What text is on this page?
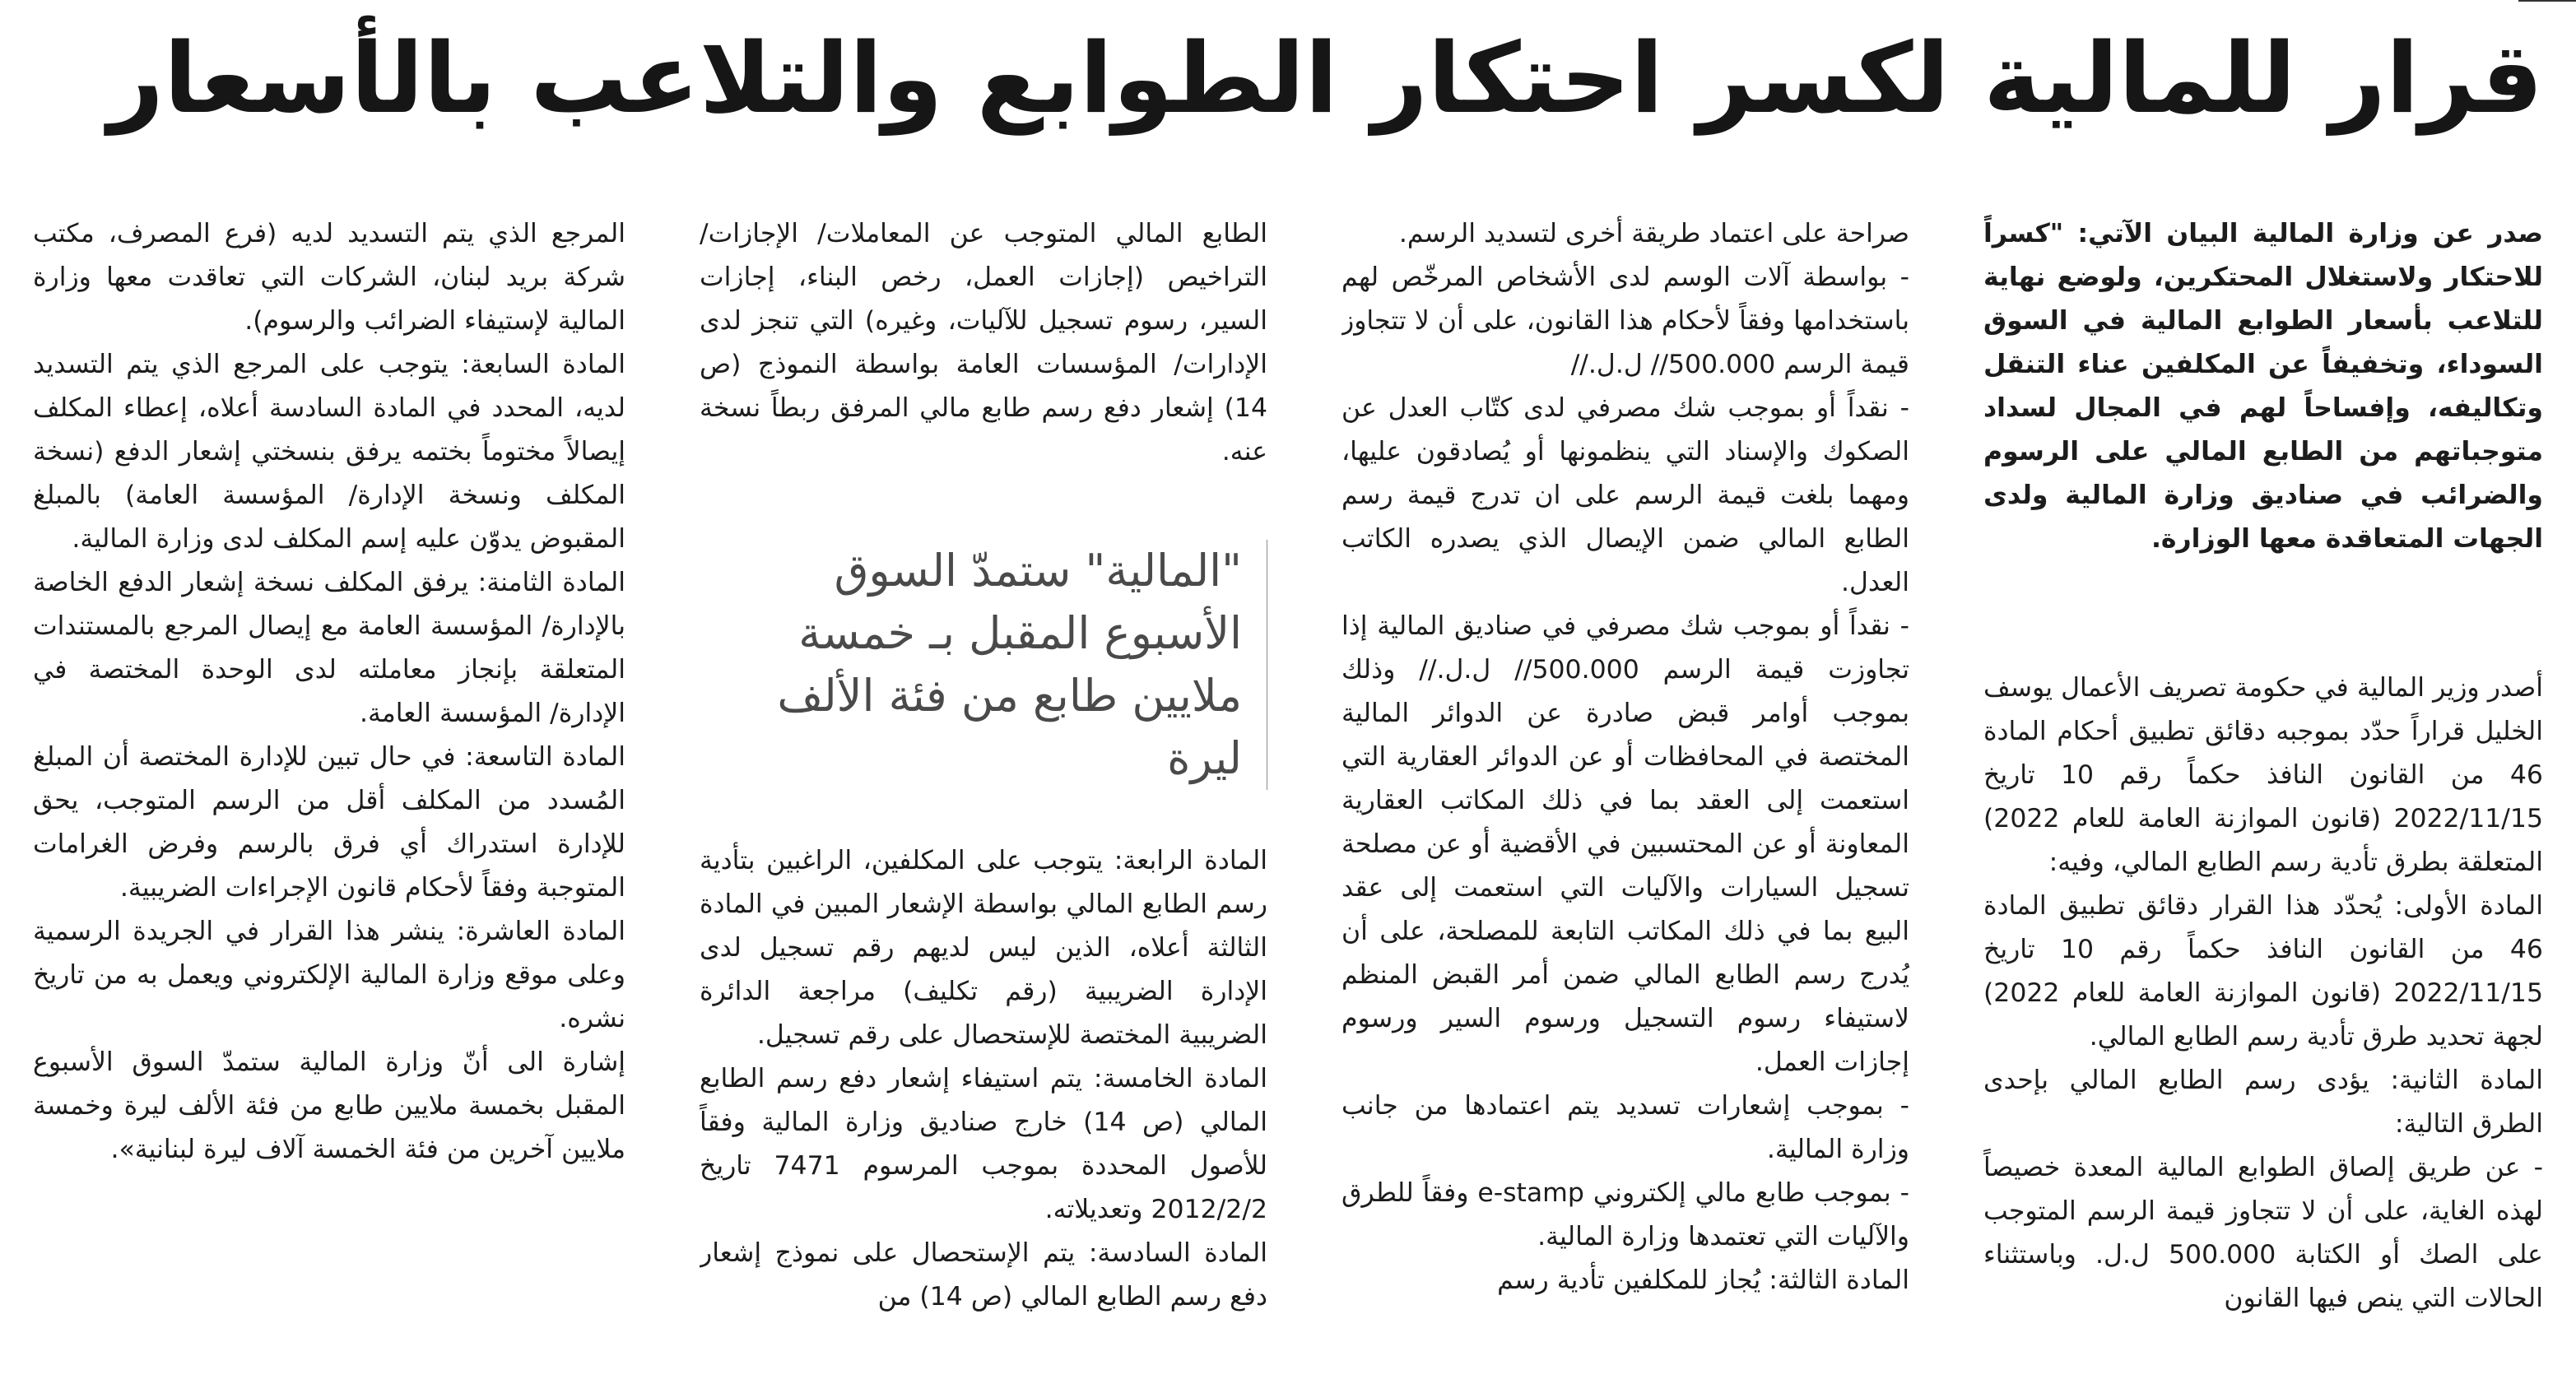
قرار للمالية لكسر احتكار الطوابع والتلاعب بالأسعار

صدر عن وزارة المالية البيان الآتي: "كسراً للاحتكار ولاستغلال المحتكرين، ولوضع نهاية للتلاعب بأسعار الطوابع المالية في السوق السوداء، وتخفيفاً عن المكلفين عناء التنقل وتكاليفه، وإفساحاً لهم في المجال لسداد متوجباتهم من الطابع المالي على الرسوم والضرائب في صناديق وزارة المالية ولدى الجهات المتعاقدة معها الوزارة.

أصدر وزير المالية في حكومة تصريف الأعمال يوسف الخليل قراراً حدّد بموجبه دقائق تطبيق أحكام المادة 46 من القانون النافذ حكماً رقم 10 تاريخ 2022/11/15 (قانون الموازنة العامة للعام 2022) المتعلقة بطرق تأدية رسم الطابع المالي، وفيه:

المادة الأولى: يُحدّد هذا القرار دقائق تطبيق المادة 46 من القانون النافذ حكماً رقم 10 تاريخ 2022/11/15 (قانون الموازنة العامة للعام 2022) لجهة تحديد طرق تأدية رسم الطابع المالي.

المادة الثانية: يؤدى رسم الطابع المالي بإحدى الطرق التالية:

- عن طريق إلصاق الطوابع المالية المعدة خصيصاً لهذه الغاية، على أن لا تتجاوز قيمة الرسم المتوجب على الصك أو الكتابة 500.000 ل.ل. وباستثناء الحالات التي ينص فيها القانون

صراحة على اعتماد طريقة أخرى لتسديد الرسم.

- بواسطة آلات الوسم لدى الأشخاص المرخّص لهم باستخدامها وفقاً لأحكام هذا القانون، على أن لا تتجاوز قيمة الرسم 500.000// ل.ل.//

- نقداً أو بموجب شك مصرفي لدى كتّاب العدل عن الصكوك والإسناد التي ينظمونها أو يُصادقون عليها، ومهما بلغت قيمة الرسم على ان تدرج قيمة رسم الطابع المالي ضمن الإيصال الذي يصدره الكاتب العدل.

- نقداً أو بموجب شك مصرفي في صناديق المالية إذا تجاوزت قيمة الرسم 500.000// ل.ل.// وذلك بموجب أوامر قبض صادرة عن الدوائر المالية المختصة في المحافظات أو عن الدوائر العقارية التي استعمت إلى العقد بما في ذلك المكاتب العقارية المعاونة أو عن المحتسبين في الأقضية أو عن مصلحة تسجيل السيارات والآليات التي استعمت إلى عقد البيع بما في ذلك المكاتب التابعة للمصلحة، على أن يُدرج رسم الطابع المالي ضمن أمر القبض المنظم لاستيفاء رسوم التسجيل ورسوم السير ورسوم إجازات العمل.

- بموجب إشعارات تسديد يتم اعتمادها من جانب وزارة المالية.

- بموجب طابع مالي إلكتروني e-stamp وفقاً للطرق والآليات التي تعتمدها وزارة المالية.

المادة الثالثة: يُجاز للمكلفين تأدية رسم

الطابع المالي المتوجب عن المعاملات/ الإجازات/ التراخيص (إجازات العمل، رخص البناء، إجازات السير، رسوم تسجيل للآليات، وغيره) التي تنجز لدى الإدارات/ المؤسسات العامة بواسطة النموذج (ص 14) إشعار دفع رسم طابع مالي المرفق ربطاً نسخة عنه.

"المالية" ستمدّ السوق الأسبوع المقبل بـ خمسة ملايين طابع من فئة الألف ليرة

المادة الرابعة: يتوجب على المكلفين، الراغبين بتأدية رسم الطابع المالي بواسطة الإشعار المبين في المادة الثالثة أعلاه، الذين ليس لديهم رقم تسجيل لدى الإدارة الضريبية (رقم تكليف) مراجعة الدائرة الضريبية المختصة للإستحصال على رقم تسجيل.

المادة الخامسة: يتم استيفاء إشعار دفع رسم الطابع المالي (ص 14) خارج صناديق وزارة المالية وفقاً للأصول المحددة بموجب المرسوم 7471 تاريخ 2012/2/2 وتعديلاته.

المادة السادسة: يتم الإستحصال على نموذج إشعار دفع رسم الطابع المالي (ص 14) من

المرجع الذي يتم التسديد لديه (فرع المصرف، مكتب شركة بريد لبنان، الشركات التي تعاقدت معها وزارة المالية لإستيفاء الضرائب والرسوم).

المادة السابعة: يتوجب على المرجع الذي يتم التسديد لديه، المحدد في المادة السادسة أعلاه، إعطاء المكلف إيصالاً مختوماً بختمه يرفق بنسختي إشعار الدفع (نسخة المكلف ونسخة الإدارة/ المؤسسة العامة) بالمبلغ المقبوض يدوّن عليه إسم المكلف لدى وزارة المالية.

المادة الثامنة: يرفق المكلف نسخة إشعار الدفع الخاصة بالإدارة/ المؤسسة العامة مع إيصال المرجع بالمستندات المتعلقة بإنجاز معاملته لدى الوحدة المختصة في الإدارة/ المؤسسة العامة.

المادة التاسعة: في حال تبين للإدارة المختصة أن المبلغ المُسدد من المكلف أقل من الرسم المتوجب، يحق للإدارة استدراك أي فرق بالرسم وفرض الغرامات المتوجبة وفقاً لأحكام قانون الإجراءات الضريبية.

المادة العاشرة: ينشر هذا القرار في الجريدة الرسمية وعلى موقع وزارة المالية الإلكتروني ويعمل به من تاريخ نشره.

إشارة الى أنّ وزارة المالية ستمدّ السوق الأسبوع المقبل بخمسة ملايين طابع من فئة الألف ليرة وخمسة ملايين آخرين من فئة الخمسة آلاف ليرة لبنانية».
